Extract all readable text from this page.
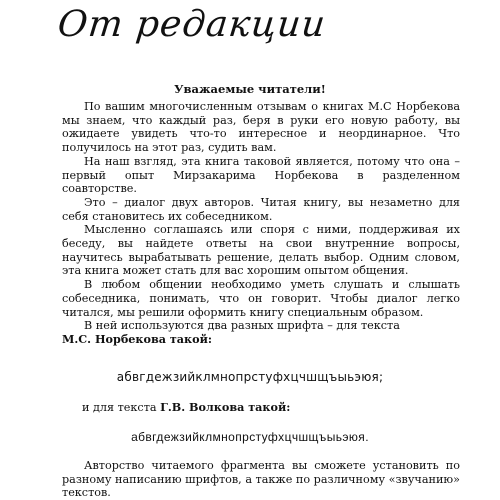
От редакции
Уважаемые читатели!

По вашим многочисленным отзывам о книгах М.С Норбекова мы знаем, что каждый раз, беря в руки его новую работу, вы ожидаете увидеть что-то интересное и неординарное. Что получилось на этот раз, судить вам.

На наш взгляд, эта книга таковой является, потому что она – первый опыт Мирзакарима Норбекова в разделенном соавторстве.

Это – диалог двух авторов. Читая книгу, вы незаметно для себя становитесь их собеседником.

Мысленно соглашаясь или споря с ними, поддерживая их беседу, вы найдете ответы на свои внутренние вопросы, научитесь вырабатывать решение, делать выбор. Одним словом, эта книга может стать для вас хорошим опытом общения.

В любом общении необходимо уметь слушать и слышать собеседника, понимать, что он говорит. Чтобы диалог легко читался, мы решили оформить книгу специальным образом.

В ней используются два разных шрифта – для текста

М.С. Норбекова такой:

абвгдежзийклмнопрстуфхцчшщъыьэюя;
и для текста Г.В. Волкова такой:
абвгдежзийклмнопрстуфхцчшщъыьэюя.

Авторство читаемого фрагмента вы сможете установить по разному написанию шрифтов, а также по различному «звучанию» текстов.
